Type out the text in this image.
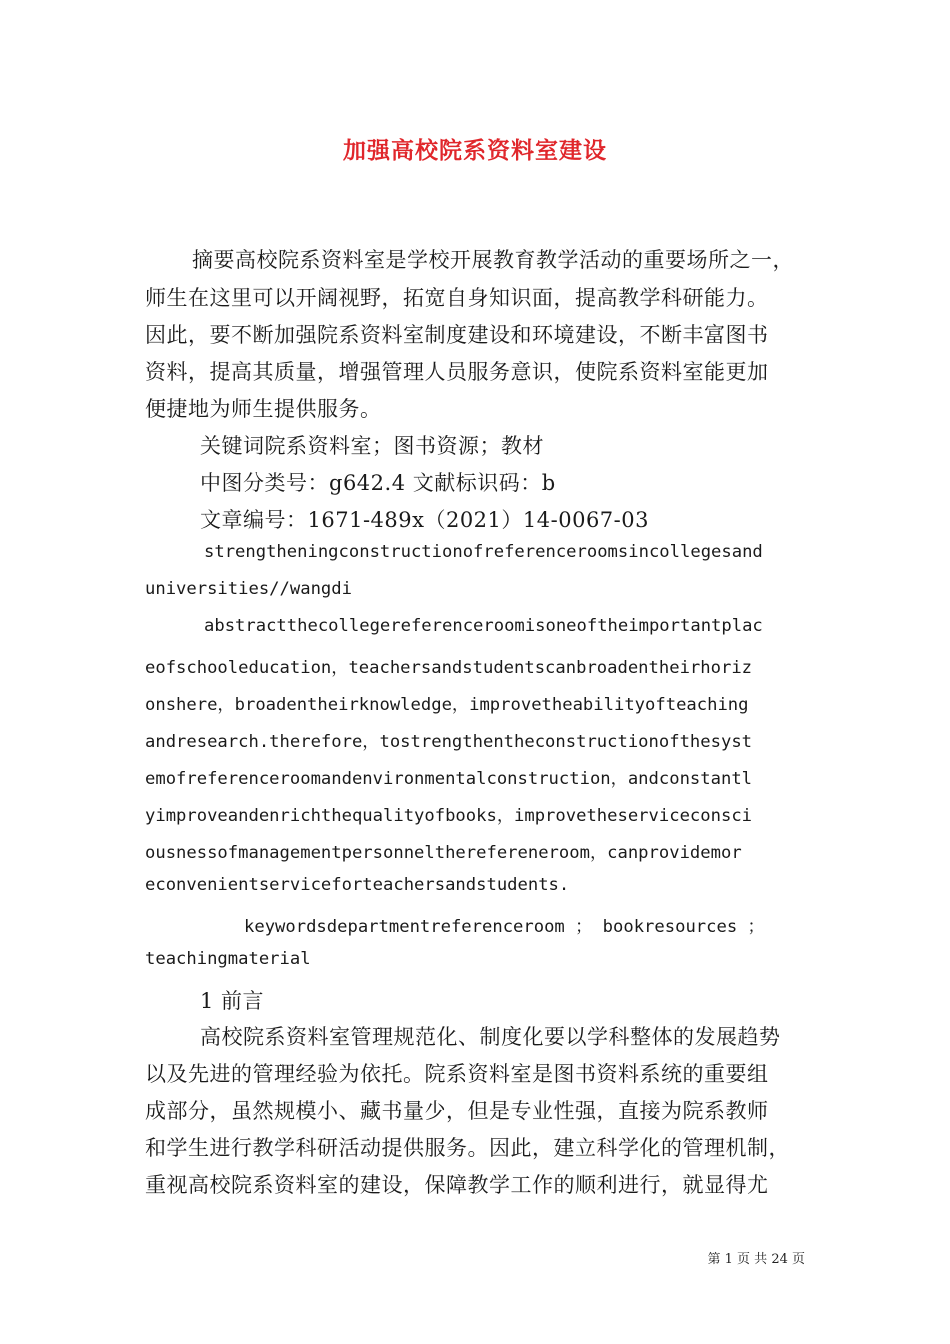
加强高校院系资料室建设
摘要高校院系资料室是学校开展教育教学活动的重要场所之一，
师生在这里可以开阔视野，拓宽自身知识面，提高教学科研能力。
因此，要不断加强院系资料室制度建设和环境建设，不断丰富图书
资料，提高其质量，增强管理人员服务意识，使院系资料室能更加
便捷地为师生提供服务。
关键词院系资料室；图书资源；教材
中图分类号：g642.4 文献标识码：b
文章编号：1671-489x（2021）14-0067-03
strengtheningconstructionofreferenceroomsincollegesand
universities//wangdi
abstractthecollegereferenceroomisoneoftheimportantplac
eofschooleducation，teachersandstudentscanbroadentheirhoriz
onshere，broadentheirknowledge，improvetheabilityofteaching
andresearch.therefore，tostrengthentheconstructionofthesyst
emofreferenceroomandenvironmentalconstruction，andconstantl
yimproveandenrichthequalityofbooks，improvetheserviceconsci
ousnessofmanagementpersonneltherefereneroom，canprovidemor
econvenientserviceforteachersandstudents.
keywordsdepartmentreferenceroom ； bookresources ；
teachingmaterial
1 前言
高校院系资料室管理规范化、制度化要以学科整体的发展趋势
以及先进的管理经验为依托。院系资料室是图书资料系统的重要组
成部分，虽然规模小、藏书量少，但是专业性强，直接为院系教师
和学生进行教学科研活动提供服务。因此，建立科学化的管理机制，
重视高校院系资料室的建设，保障教学工作的顺利进行，就显得尤
第 1 页 共 24 页
